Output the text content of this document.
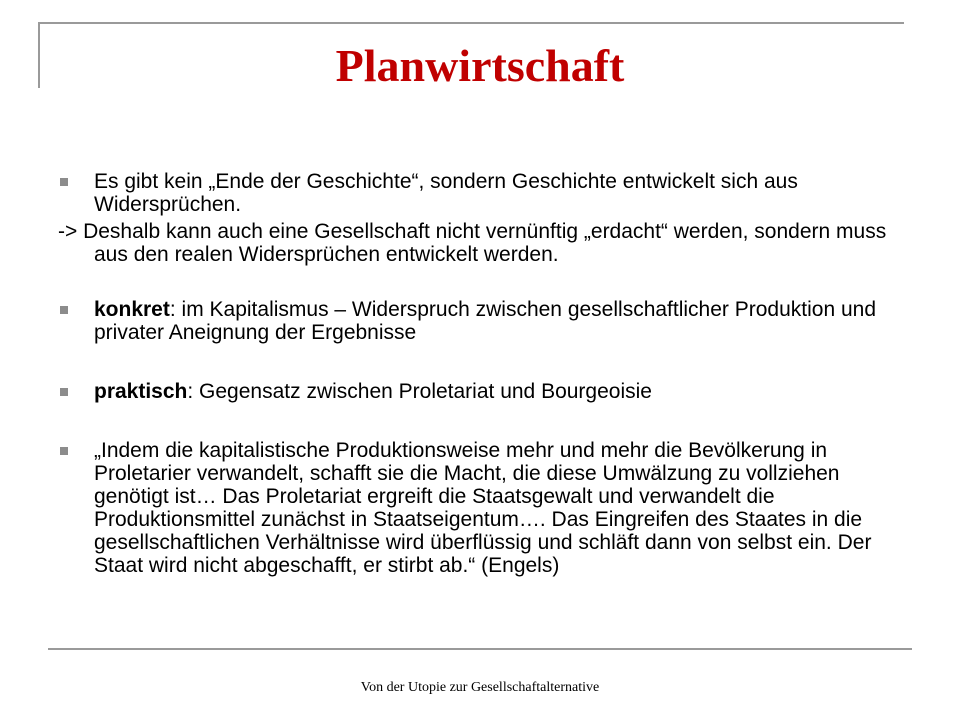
Planwirtschaft
Es gibt kein „Ende der Geschichte“, sondern Geschichte entwickelt sich aus Widersprüchen.
-> Deshalb kann auch eine Gesellschaft nicht vernünftig „erdacht“ werden, sondern muss aus den realen Widersprüchen entwickelt werden.
konkret: im Kapitalismus – Widerspruch zwischen gesellschaftlicher Produktion und privater Aneignung der Ergebnisse
praktisch: Gegensatz zwischen Proletariat und Bourgeoisie
„Indem die kapitalistische Produktionsweise mehr und mehr die Bevölkerung in Proletarier verwandelt, schafft sie die Macht, die diese Umwälzung zu vollziehen genötigt ist… Das Proletariat ergreift die Staatsgewalt und verwandelt die Produktionsmittel zunächst in Staatseigentum…. Das Eingreifen des Staates in die gesellschaftlichen Verhältnisse wird überflüssig und schläft dann von selbst ein. Der Staat wird nicht abgeschafft, er stirbt ab.“ (Engels)
Von der Utopie zur Gesellschaftalternative
